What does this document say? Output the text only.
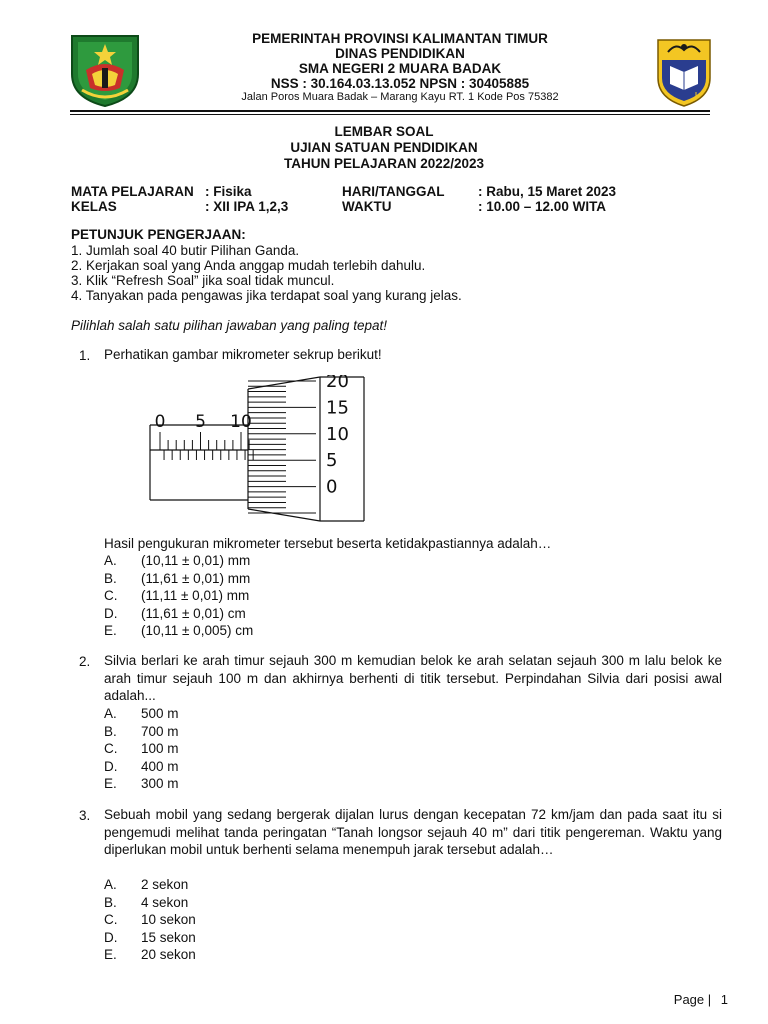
PEMERINTAH PROVINSI KALIMANTAN TIMUR
DINAS PENDIDIKAN
SMA NEGERI 2 MUARA BADAK
NSS : 30.164.03.13.052 NPSN : 30405885
Jalan Poros Muara Badak – Marang Kayu RT. 1 Kode Pos 75382
LEMBAR SOAL
UJIAN SATUAN PENDIDIKAN
TAHUN PELAJARAN 2022/2023
MATA PELAJARAN : Fisika	HARI/TANGGAL : Rabu, 15 Maret 2023
KELAS	: XII IPA 1,2,3	WAKTU	: 10.00 – 12.00 WITA
PETUNJUK PENGERJAAN:
1. Jumlah soal 40 butir Pilihan Ganda.
2. Kerjakan soal yang Anda anggap mudah terlebih dahulu.
3. Klik “Refresh Soal” jika soal tidak muncul.
4. Tanyakan pada pengawas jika terdapat soal yang kurang jelas.
Pilihlah salah satu pilihan jawaban yang paling tepat!
1. Perhatikan gambar mikrometer sekrup berikut!
0 5 10
20
15
10
5
0
Hasil pengukuran mikrometer tersebut beserta ketidakpastiannya adalah…
A.	(10,11 ± 0,01) mm
B.	(11,61 ± 0,01) mm
C.	(11,11 ± 0,01) mm
D.	(11,61 ± 0,01) cm
E.	(10,11 ± 0,005) cm
2. Silvia berlari ke arah timur sejauh 300 m kemudian belok ke arah selatan sejauh 300 m lalu belok ke arah timur sejauh 100 m dan akhirnya berhenti di titik tersebut. Perpindahan Silvia dari posisi awal adalah...
A.	500 m
B.	700 m
C.	100 m
D.	400 m
E.	300 m
3. Sebuah mobil yang sedang bergerak dijalan lurus dengan kecepatan 72 km/jam dan pada saat itu si pengemudi melihat tanda peringatan “Tanah longsor sejauh 40 m” dari titik pengereman. Waktu yang diperlukan mobil untuk berhenti selama menempuh jarak tersebut adalah…
A.	2 sekon
B.	4 sekon
C.	10 sekon
D.	15 sekon
E.	20 sekon
Page | 1
